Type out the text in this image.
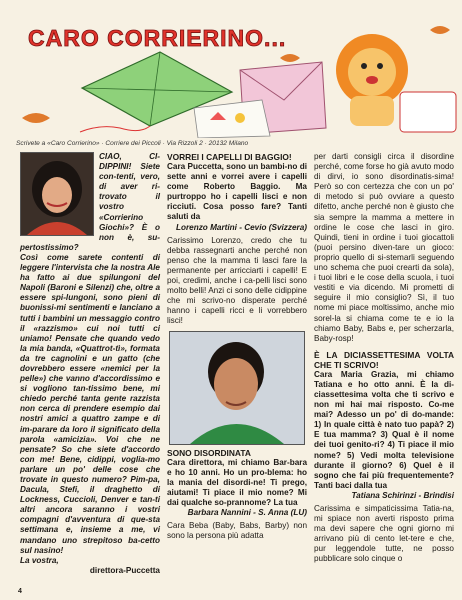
CARO CORRIERINO...
Scrivete a «Caro Corrierino» · Corriere dei Piccoli · Via Rizzoli 2 · 20132 Milano

CIAO, CI-DIPPINI! Siete con-tenti, vero, di aver ri-trovato il vostro «Corrierino Giochi»? È o non è, su-pertostissimo?

Così come sarete contenti di leggere l'intervista che la nostra Ale ha fatto ai due spilungoni del Napoli (Baroni e Silenzi) che, oltre a essere spi-lungoni, sono pieni di buonissi-mi sentimenti e lanciano a tutti i bambini un messaggio contro il «razzismo» cui noi tutti ci uniamo! Pensate che quando vedo la mia banda, «Quattrot-tì», formata da tre cagnolini e un gatto (che dovrebbero essere «nemici per la pelle») che vanno d'accordissimo e si vogliono tan-tissimo bene, mi chiedo perché tanta gente razzista non cerca di prendere esempio dai nostri amici a quattro zampe e di im-parare da loro il significato della parola «amicizia». Voi che ne pensate? So che siete d'accordo con me! Bene, cidippi, voglia-mo parlare un po' delle cose che trovate in questo numero? Pim-pa, Dacula, Stefi, il draghetto di Lockness, Cuccioli, Denver e tan-ti altri ancora saranno i vostri compagni d'avventura di que-sta settimana e, insieme a me, vi mandano uno strepitoso ba-cetto sul nasino!

La vostra,

direttora-Puccetta

VORREI I CAPELLI DI BAGGIO!

Cara Puccetta, sono un bambi-no di sette anni e vorrei avere i capelli come Roberto Baggio. Ma purtroppo ho i capelli lisci e non ricciuti. Cosa posso fare? Tanti saluti da

Lorenzo Martini - Cevio (Svizzera)

Carissimo Lorenzo, credo che tu debba rassegnarti anche perché non penso che la mamma ti lasci fare la permanente per arricciarti i capelli! E poi, credimi, anche i ca-pelli lisci sono molto belli! Anzi ci sono delle cidippine che mi scrivo-no disperate perché hanno i capelli ricci e li vorrebbero lisci!

SONO DISORDINATA

Cara direttora, mi chiamo Bar-bara e ho 10 anni. Ho un pro-blema: ho la mania del disordi-ne! Ti prego, aiutami! Ti piace il mio nome? Mi dai qualche so-prannome? La tua

Barbara Nannini - S. Anna (LU)

Cara Beba (Baby, Babs, Barby) non sono la persona più adatta

per darti consigli circa il disordine perché, come forse ho già avuto modo di dirvi, io sono disordinatis-sima! Però so con certezza che con un po' di metodo si può ovviare a questo difetto, anche perché non è giusto che sia sempre la mamma a mettere in ordine le cose che lasci in giro. Quindi, tieni in ordine i tuoi giocattoli (puoi persino diven-tare un gioco: proprio quello di si-stemarli seguendo uno schema che puoi crearti da sola), i tuoi libri e le cose della scuola, i tuoi vestiti e via dicendo. Mi prometti di seguire il mio consiglio? Sì, il tuo nome mi piace moltissimo, anche mio sorel-la si chiama come te e io la chiamo Baby, Babs e, per scherzarla, Baby-rosp!

È LA DICIASSETTESIMA VOLTA CHE TI SCRIVO!

Cara Maria Grazia, mi chiamo Tatiana e ho otto anni. È la di-ciassettesima volta che ti scrivo e non mi hai mai risposto. Co-me mai? Adesso un po' di do-mande: 1) In quale città è nato tuo papà? 2) E tua mamma? 3) Qual è il nome dei tuoi genito-ri? 4) Ti piace il mio nome? 5) Vedi molta televisione durante il giorno? 6) Quel è il sogno che fai più frequentemente? Tanti baci dalla tua

Tatiana Schirinzi - Brindisi

Carissima e simpaticissima Tatia-na, mi spiace non averti risposto prima ma devi sapere che ogni giorno mi arrivano più di cento let-tere e che, pur leggendole tutte, ne posso pubblicare solo cinque o

4
